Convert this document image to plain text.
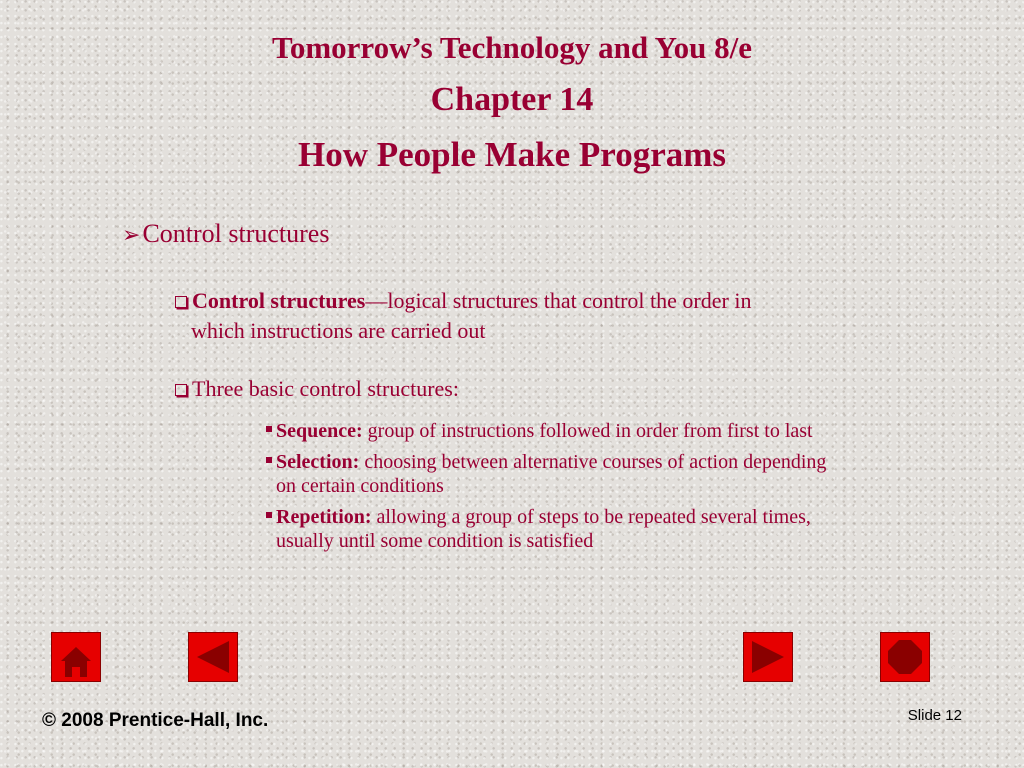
Tomorrow’s Technology and You 8/e
Chapter 14
How People Make Programs
➢Control structures
Control structures—logical structures that control the order in
which instructions are carried out
Three basic control structures:
Sequence: group of instructions followed in order from first to last
Selection: choosing between alternative courses of action depending
on certain conditions
Repetition: allowing a group of steps to be repeated several times,
usually until some condition is satisfied
© 2008 Prentice-Hall, Inc.	Slide 12
